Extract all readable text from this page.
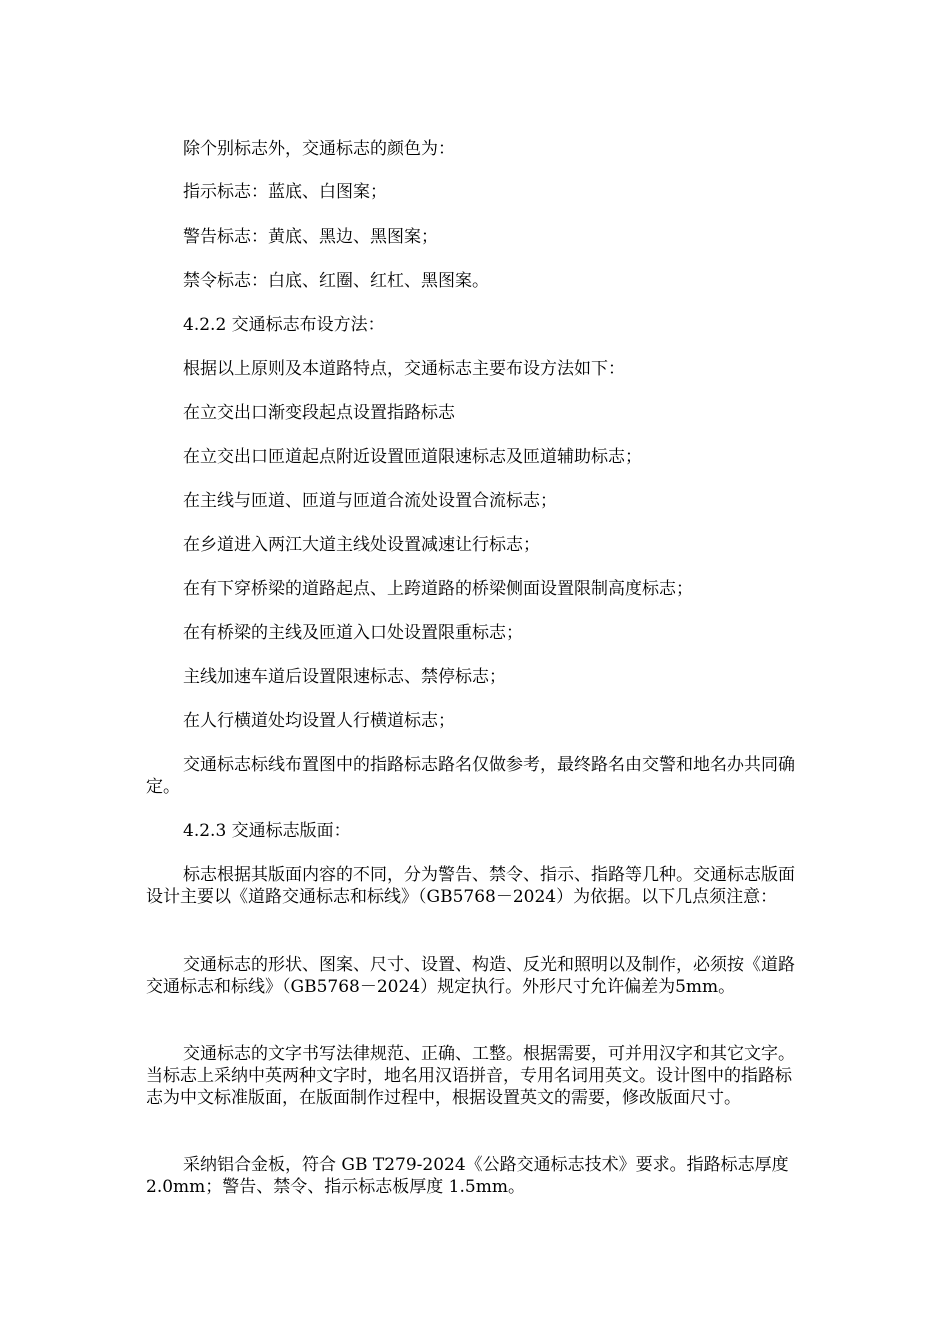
除个别标志外，交通标志的颜色为：

指示标志：蓝底、白图案；

警告标志：黄底、黑边、黑图案；

禁令标志：白底、红圈、红杠、黑图案。

4.2.2 交通标志布设方法：

根据以上原则及本道路特点，交通标志主要布设方法如下：

在立交出口渐变段起点设置指路标志

在立交出口匝道起点附近设置匝道限速标志及匝道辅助标志；

在主线与匝道、匝道与匝道合流处设置合流标志；

在乡道进入两江大道主线处设置减速让行标志；

在有下穿桥梁的道路起点、上跨道路的桥梁侧面设置限制高度标志；

在有桥梁的主线及匝道入口处设置限重标志；

主线加速车道后设置限速标志、禁停标志；

在人行横道处均设置人行横道标志；

交通标志标线布置图中的指路标志路名仅做参考，最终路名由交警和地名办共同确定。

4.2.3 交通标志版面：

标志根据其版面内容的不同，分为警告、禁令、指示、指路等几种。交通标志版面设计主要以《道路交通标志和标线》（GB5768－2024）为依据。以下几点须注意：

交通标志的形状、图案、尺寸、设置、构造、反光和照明以及制作，必须按《道路交通标志和标线》（GB5768－2024）规定执行。外形尺寸允许偏差为5mm。

交通标志的文字书写法律规范、正确、工整。根据需要，可并用汉字和其它文字。当标志上采纳中英两种文字时，地名用汉语拼音，专用名词用英文。设计图中的指路标志为中文标准版面，在版面制作过程中，根据设置英文的需要，修改版面尺寸。

采纳铝合金板，符合 GB T279-2024《公路交通标志技术》要求。指路标志厚度 2.0mm；警告、禁令、指示标志板厚度 1.5mm。
